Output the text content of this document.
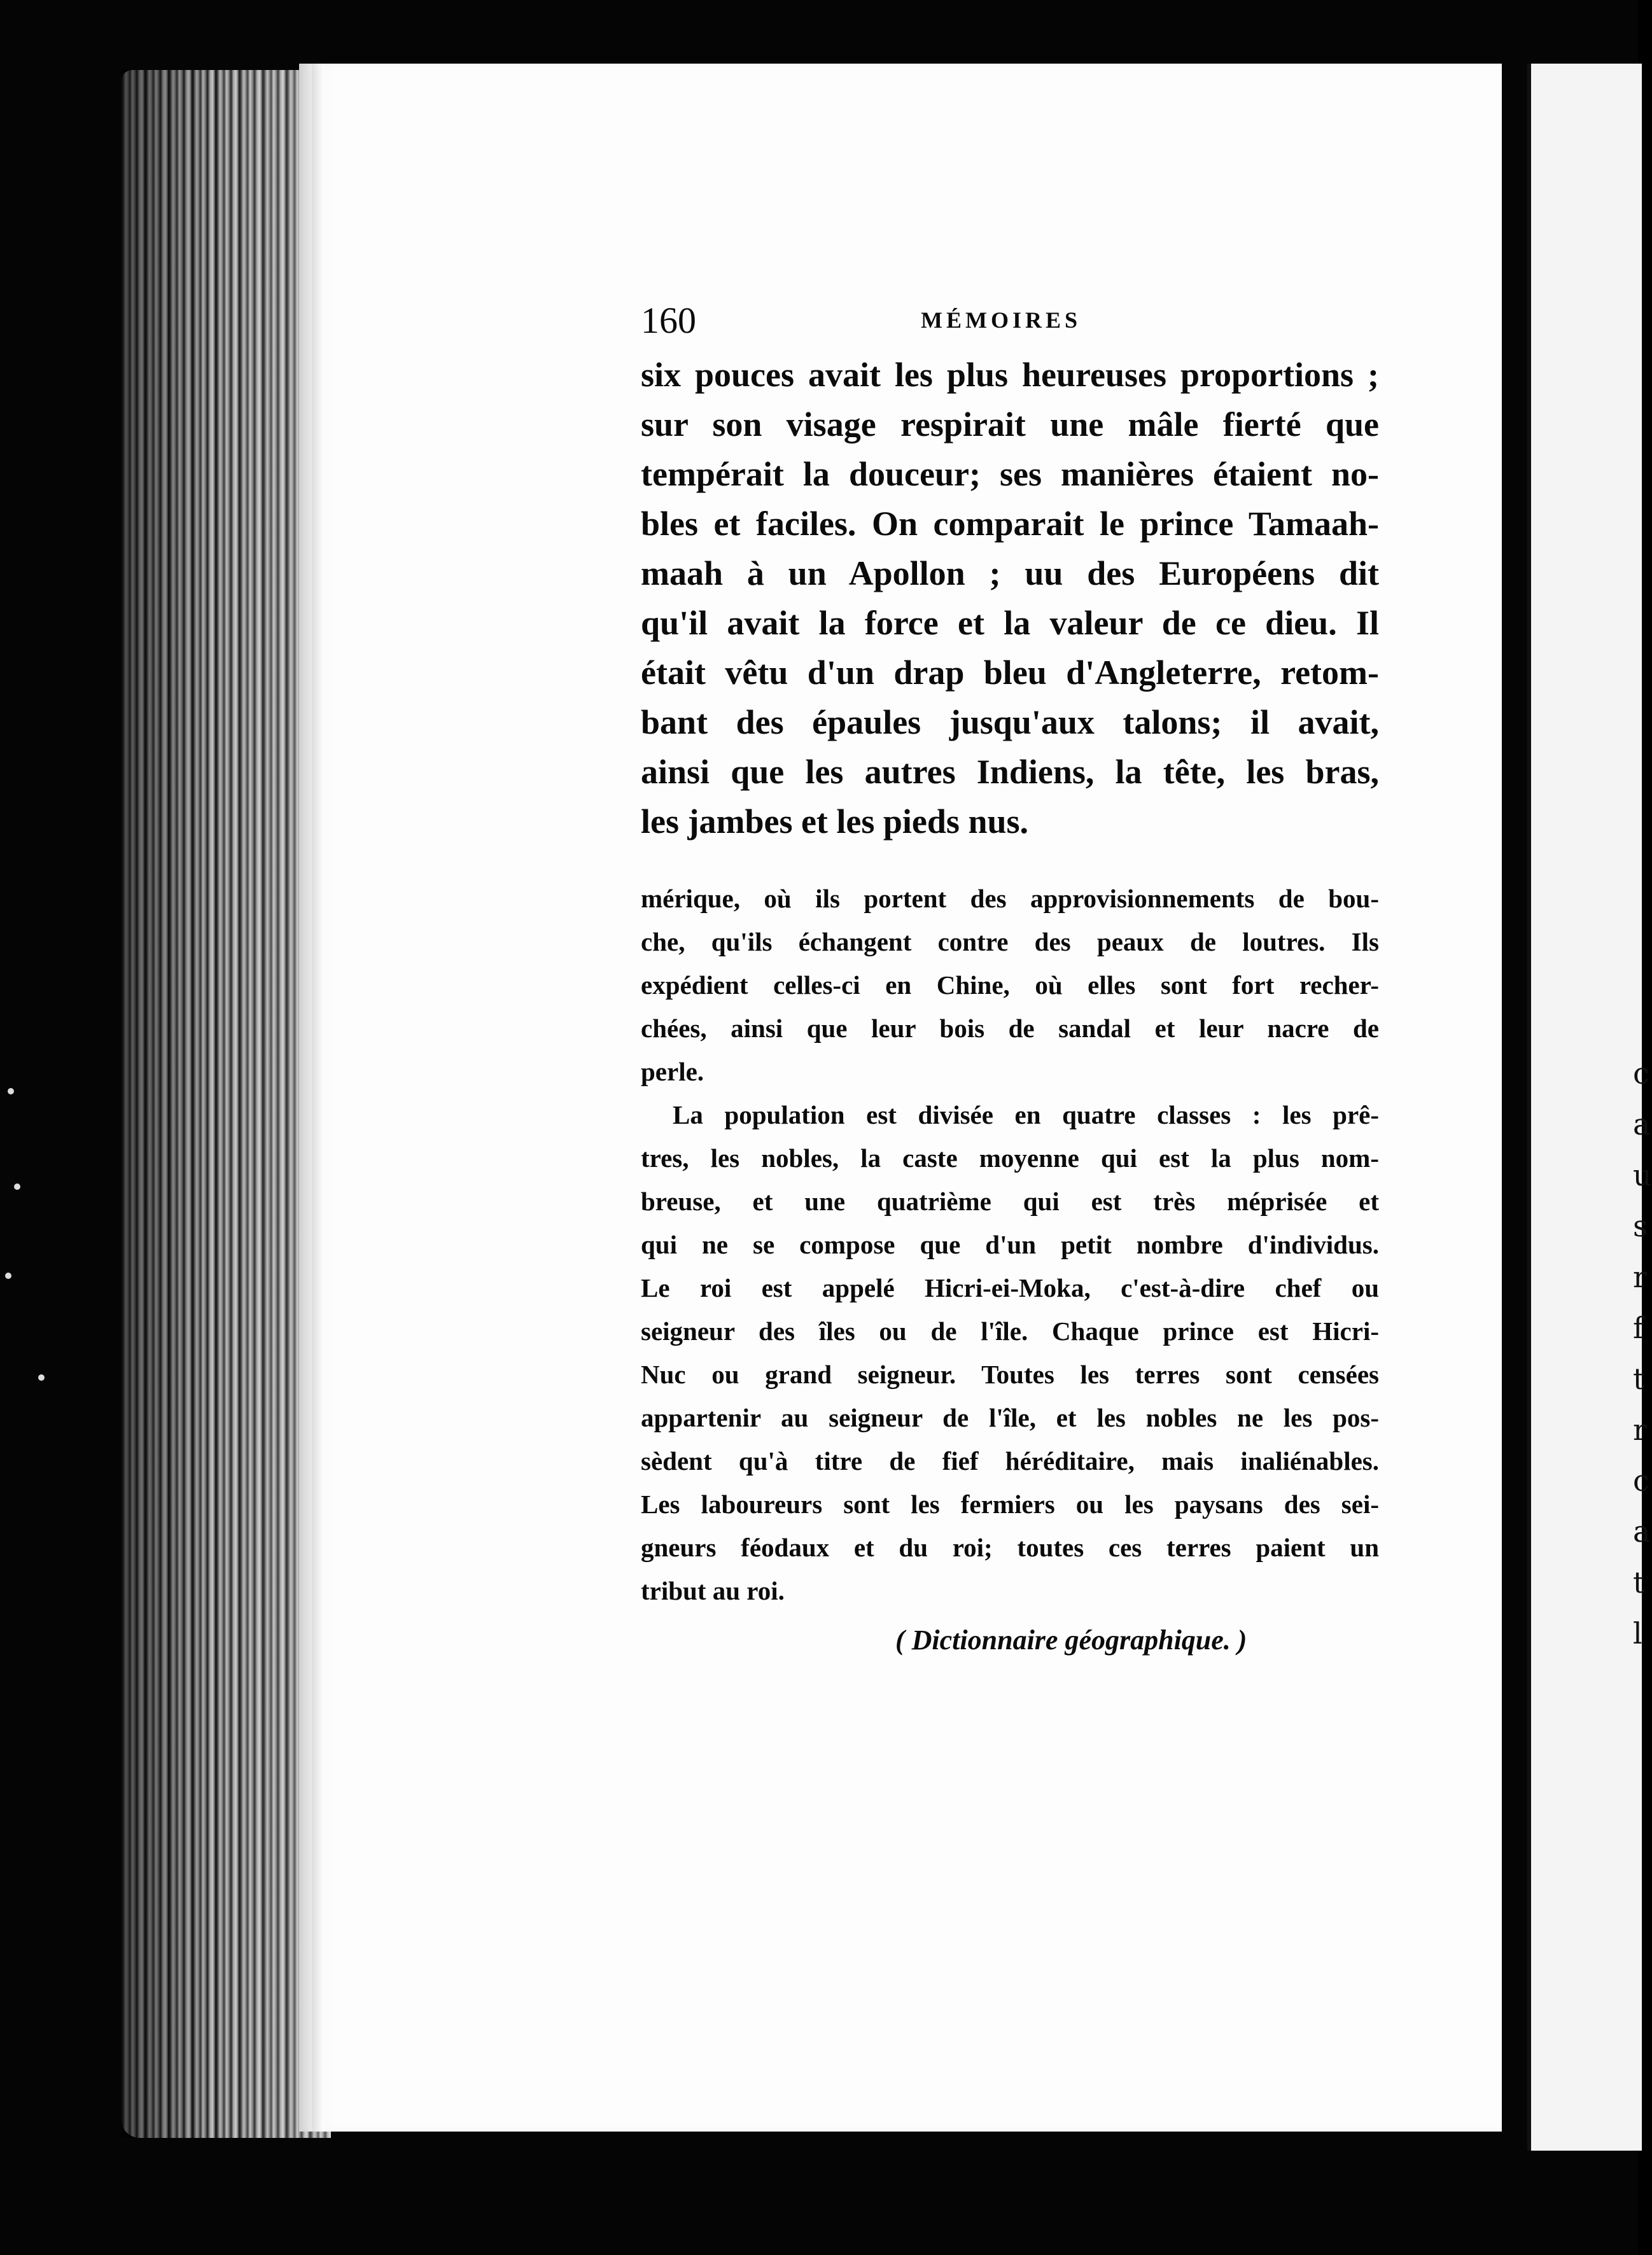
c
a
u
s
r
f
t
r
c
a
t
l
160	MÉMOIRES
six pouces avait les plus heureuses proportions ;
sur son visage respirait une mâle fierté que
tempérait la douceur; ses manières étaient no-
bles et faciles. On comparait le prince Tamaah-
maah à un Apollon ; uu des Européens dit
qu'il avait la force et la valeur de ce dieu. Il
était vêtu d'un drap bleu d'Angleterre, retom-
bant des épaules jusqu'aux talons; il avait,
ainsi que les autres Indiens, la tête, les bras,
les jambes et les pieds nus.
mérique, où ils portent des approvisionnements de bou-
che, qu'ils échangent contre des peaux de loutres. Ils
expédient celles-ci en Chine, où elles sont fort recher-
chées, ainsi que leur bois de sandal et leur nacre de
perle.
La population est divisée en quatre classes : les prê-
tres, les nobles, la caste moyenne qui est la plus nom-
breuse, et une quatrième qui est très méprisée et
qui ne se compose que d'un petit nombre d'individus.
Le roi est appelé Hicri-ei-Moka, c'est-à-dire chef ou
seigneur des îles ou de l'île. Chaque prince est Hicri-
Nuc ou grand seigneur. Toutes les terres sont censées
appartenir au seigneur de l'île, et les nobles ne les pos-
sèdent qu'à titre de fief héréditaire, mais inaliénables.
Les laboureurs sont les fermiers ou les paysans des sei-
gneurs féodaux et du roi; toutes ces terres paient un
tribut au roi.
( Dictionnaire géographique. )
